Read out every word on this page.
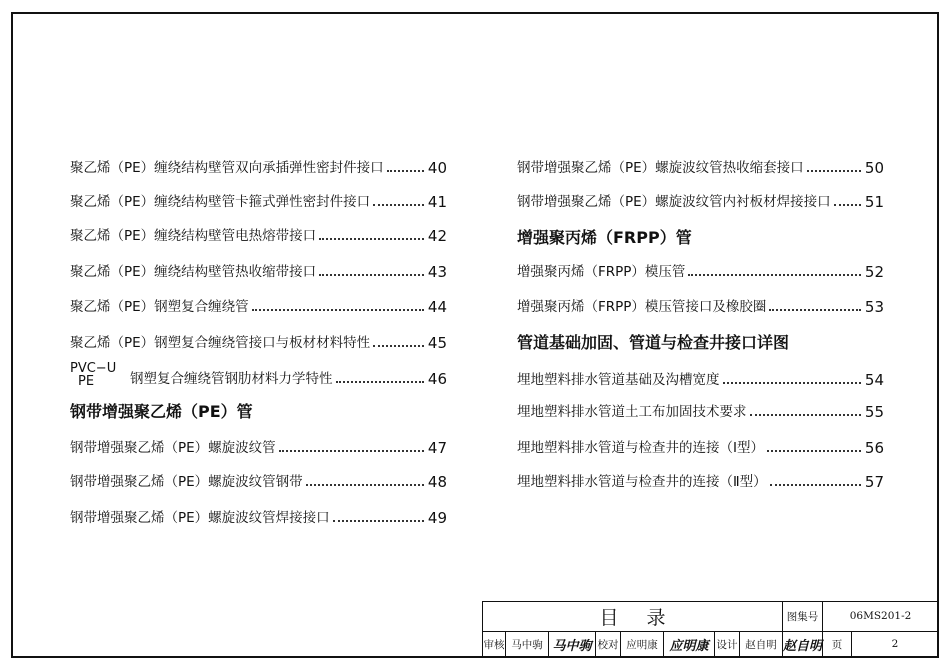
聚乙烯（PE）缠绕结构壁管双向承插弹性密封件接口	40
聚乙烯（PE）缠绕结构壁管卡箍式弹性密封件接口	41
聚乙烯（PE）缠绕结构壁管电热熔带接口	42
聚乙烯（PE）缠绕结构壁管热收缩带接口	43
聚乙烯（PE）钢塑复合缠绕管	44
聚乙烯（PE）钢塑复合缠绕管接口与板材材料特性	45
钢塑复合缠绕管钢肋材料力学特性	46
钢带增强聚乙烯（PE）管
钢带增强聚乙烯（PE）螺旋波纹管	47
钢带增强聚乙烯（PE）螺旋波纹管钢带	48
钢带增强聚乙烯（PE）螺旋波纹管焊接接口	49
钢带增强聚乙烯（PE）螺旋波纹管热收缩套接口	50
钢带增强聚乙烯（PE）螺旋波纹管内衬板材焊接接口 51
增强聚丙烯（FRPP）管
增强聚丙烯（FRPP）模压管	52
增强聚丙烯（FRPP）模压管接口及橡胶圈	53
管道基础加固、管道与检查井接口详图
埋地塑料排水管道基础及沟槽宽度	54
埋地塑料排水管道土工布加固技术要求	55
埋地塑料排水管道与检查井的连接（Ⅰ型）	56
埋地塑料排水管道与检查井的连接（Ⅱ型）	57
PVC−U
PE
目录								图集号	06MS201-2	
审核	马中驹	马中驹	校对	应明康	应明康	设计	赵自明	赵自明	页	2
